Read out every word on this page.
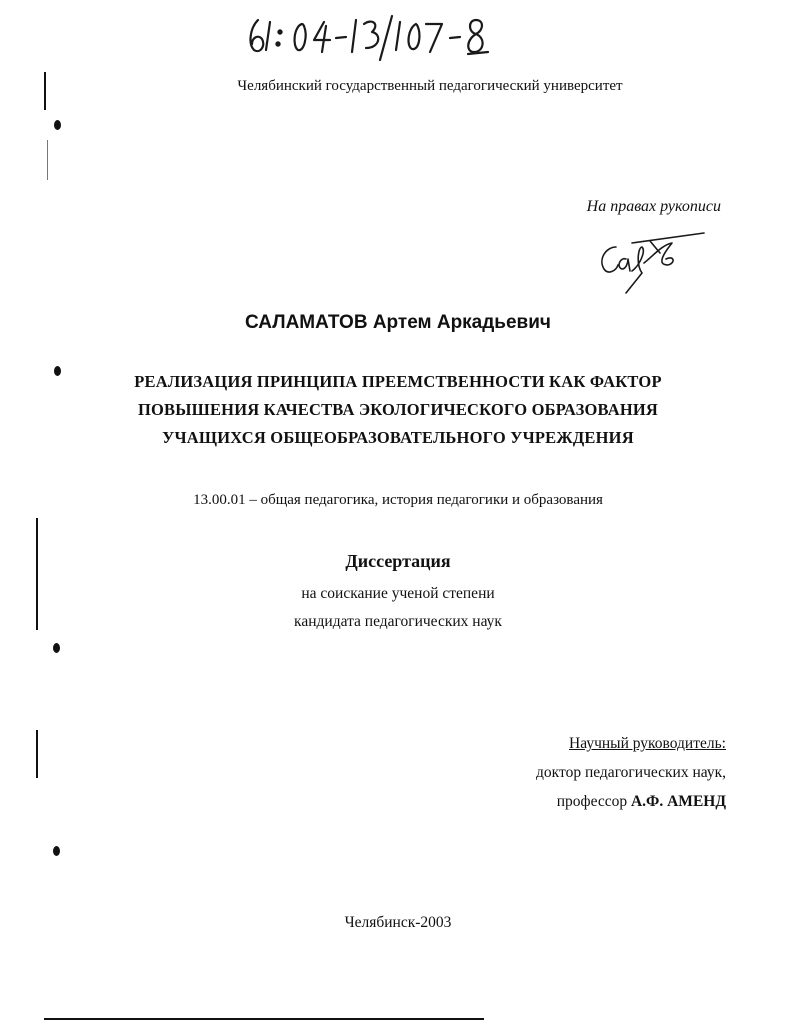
Челябинский государственный педагогический университет
На правах рукописи
САЛАМАТОВ Артем Аркадьевич
РЕАЛИЗАЦИЯ ПРИНЦИПА ПРЕЕМСТВЕННОСТИ КАК ФАКТОР
ПОВЫШЕНИЯ КАЧЕСТВА ЭКОЛОГИЧЕСКОГО ОБРАЗОВАНИЯ
УЧАЩИХСЯ ОБЩЕОБРАЗОВАТЕЛЬНОГО УЧРЕЖДЕНИЯ
13.00.01 – общая педагогика, история педагогики и образования
Диссертация
на соискание ученой степени
кандидата педагогических наук
Научный руководитель:
доктор педагогических наук,
профессор А.Ф. АМЕНД
Челябинск-2003
